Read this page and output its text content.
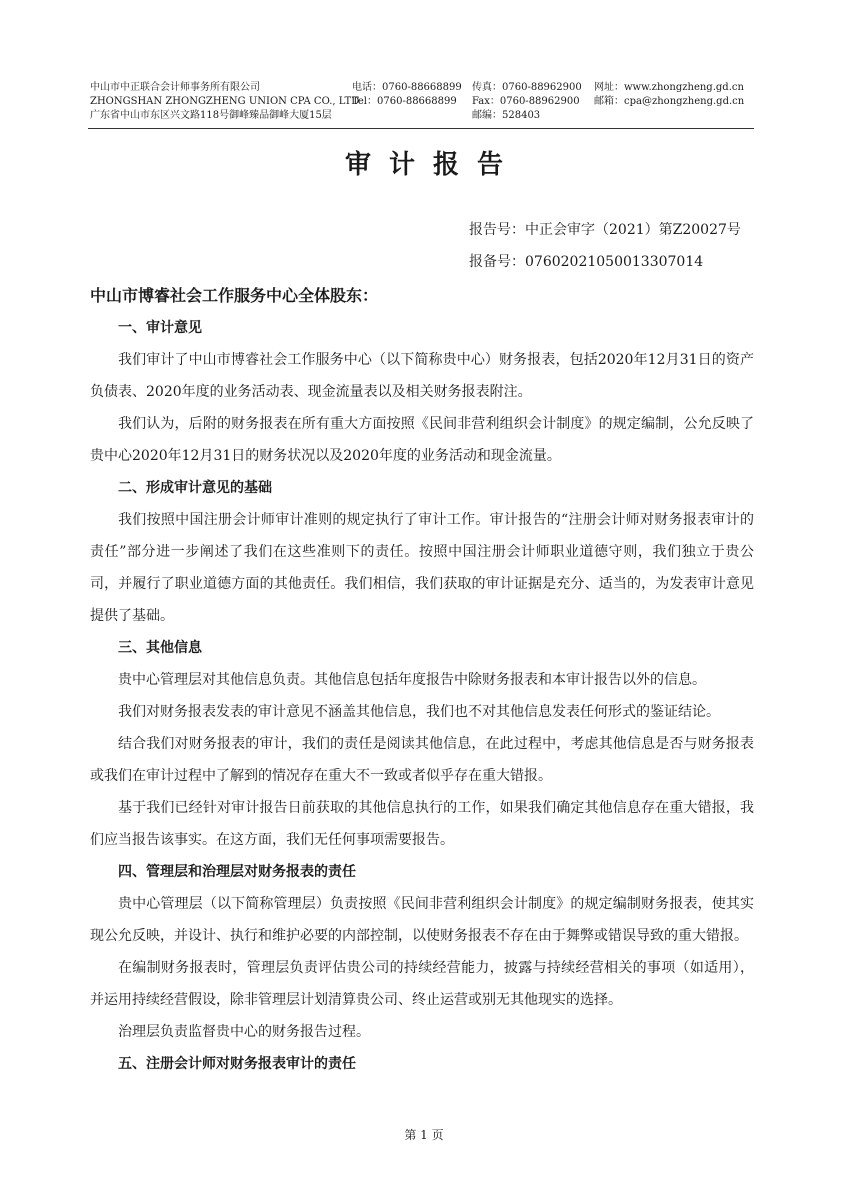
中山市中正联合会计师事务所有限公司	电话：0760-88668899	传真：0760-88962900	网址：www.zhongzheng.gd.cn
ZHONGSHAN ZHONGZHENG UNION CPA CO., LTD
Tel：0760-88668899	Fax：0760-88962900	邮箱：cpa@zhongzheng.gd.cn
广东省中山市东区兴文路118号御峰臻品御峰大厦15层	邮编：528403
审计报告
报告号：中正会审字（2021）第Z20027号
报备号：07602021050013307014

中山市博睿社会工作服务中心全体股东：

一、审计意见

我们审计了中山市博睿社会工作服务中心（以下简称贵中心）财务报表，包括2020年12月31日的资产负债表、2020年度的业务活动表、现金流量表以及相关财务报表附注。

我们认为，后附的财务报表在所有重大方面按照《民间非营利组织会计制度》的规定编制，公允反映了贵中心2020年12月31日的财务状况以及2020年度的业务活动和现金流量。

二、形成审计意见的基础

我们按照中国注册会计师审计准则的规定执行了审计工作。审计报告的“注册会计师对财务报表审计的责任”部分进一步阐述了我们在这些准则下的责任。按照中国注册会计师职业道德守则，我们独立于贵公司，并履行了职业道德方面的其他责任。我们相信，我们获取的审计证据是充分、适当的，为发表审计意见提供了基础。

三、其他信息

贵中心管理层对其他信息负责。其他信息包括年度报告中除财务报表和本审计报告以外的信息。

我们对财务报表发表的审计意见不涵盖其他信息，我们也不对其他信息发表任何形式的鉴证结论。

结合我们对财务报表的审计，我们的责任是阅读其他信息，在此过程中，考虑其他信息是否与财务报表或我们在审计过程中了解到的情况存在重大不一致或者似乎存在重大错报。

基于我们已经针对审计报告日前获取的其他信息执行的工作，如果我们确定其他信息存在重大错报，我们应当报告该事实。在这方面，我们无任何事项需要报告。

四、管理层和治理层对财务报表的责任

贵中心管理层（以下简称管理层）负责按照《民间非营利组织会计制度》的规定编制财务报表，使其实现公允反映，并设计、执行和维护必要的内部控制，以使财务报表不存在由于舞弊或错误导致的重大错报。

在编制财务报表时，管理层负责评估贵公司的持续经营能力，披露与持续经营相关的事项（如适用），并运用持续经营假设，除非管理层计划清算贵公司、终止运营或别无其他现实的选择。

治理层负责监督贵中心的财务报告过程。

五、注册会计师对财务报表审计的责任

第 1 页
